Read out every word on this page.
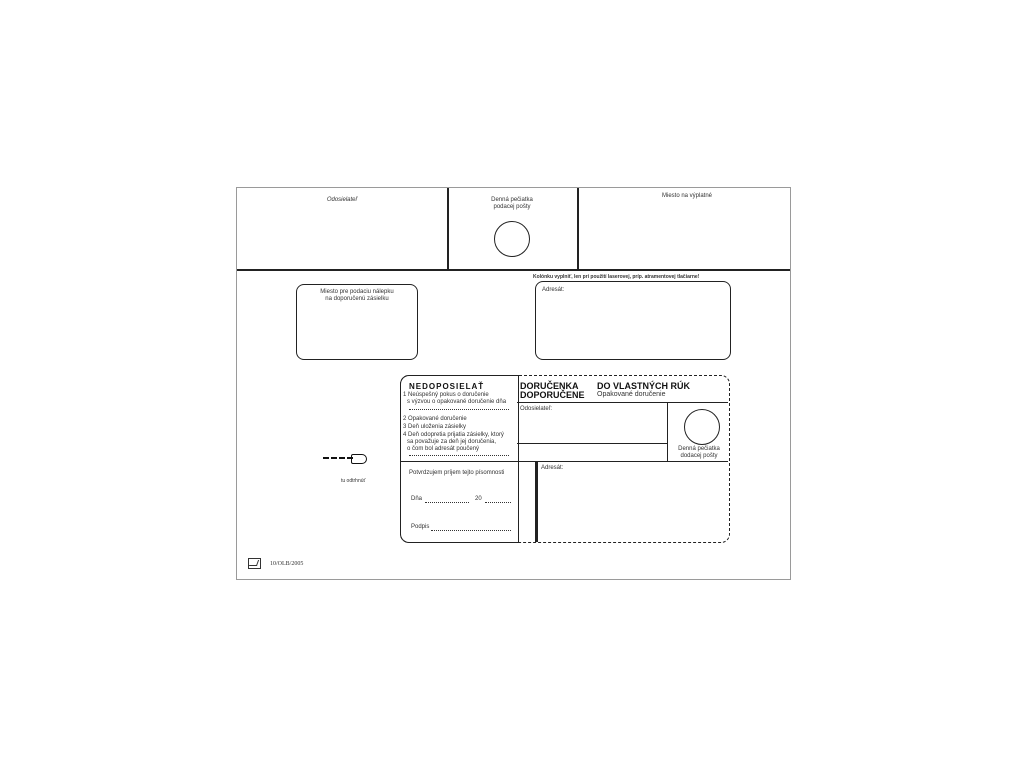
Odosielateľ	Denná pečiatka
podacej pošty
Miesto na výplatné
Kolónku vyplniť, len pri použití laserovej, príp. atramentovej tlačiarne!
Miesto pre podaciu nálepku
na doporučenú zásielku
Adresát:
tu odtrhnúť
NEDOPOSIELAŤ
1 Neúspešný pokus o doručenie
s výzvou o opakované doručenie dňa
2 Opakované doručenie
3 Deň uloženia zásielky
4 Deň odopretia prijatia zásielky, ktorý
sa považuje za deň jej doručenia,
o čom bol adresát poučený
DORUČENKA
DOPORUČENE
DO VLASTNÝCH RÚK
Opakované doručenie
Odosielateľ:
Denná pečiatka
dodacej pošty
Potvrdzujem príjem tejto písomnosti
Dňa	20
Podpis
Adresát:
10/OLB/2005
